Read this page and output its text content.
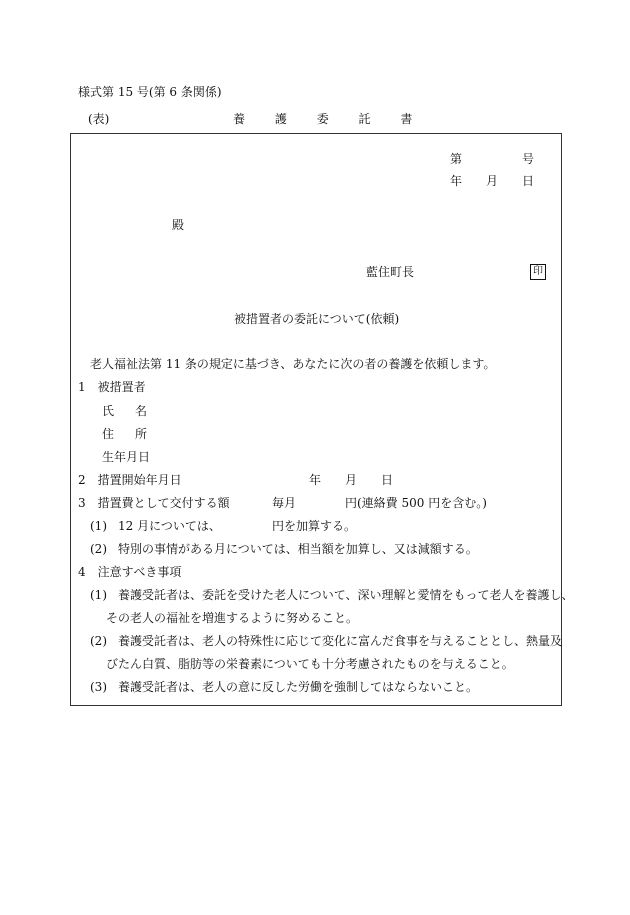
様式第 15 号(第 6 条関係)
(表)	養 護 委 託 書
第	号
年 月 日
殿
藍住町長	印
被措置者の委託について(依頼)
老人福祉法第 11 条の規定に基づき、あなたに次の者の養護を依頼します。
1　被措置者
氏 名
住 所
生年月日
2　措置開始年月日	年 月 日
3　措置費として交付する額	毎月	円(連絡費 500 円を含む。)
(1) 12 月については、	円を加算する。
(2) 特別の事情がある月については、相当額を加算し、又は減額する。
4　注意すべき事項
(1) 養護受託者は、委託を受けた老人について、深い理解と愛情をもって老人を養護し、
その老人の福祉を増進するように努めること。
(2) 養護受託者は、老人の特殊性に応じて変化に富んだ食事を与えることとし、熱量及
びたん白質、脂肪等の栄養素についても十分考慮されたものを与えること。
(3) 養護受託者は、老人の意に反した労働を強制してはならないこと。
